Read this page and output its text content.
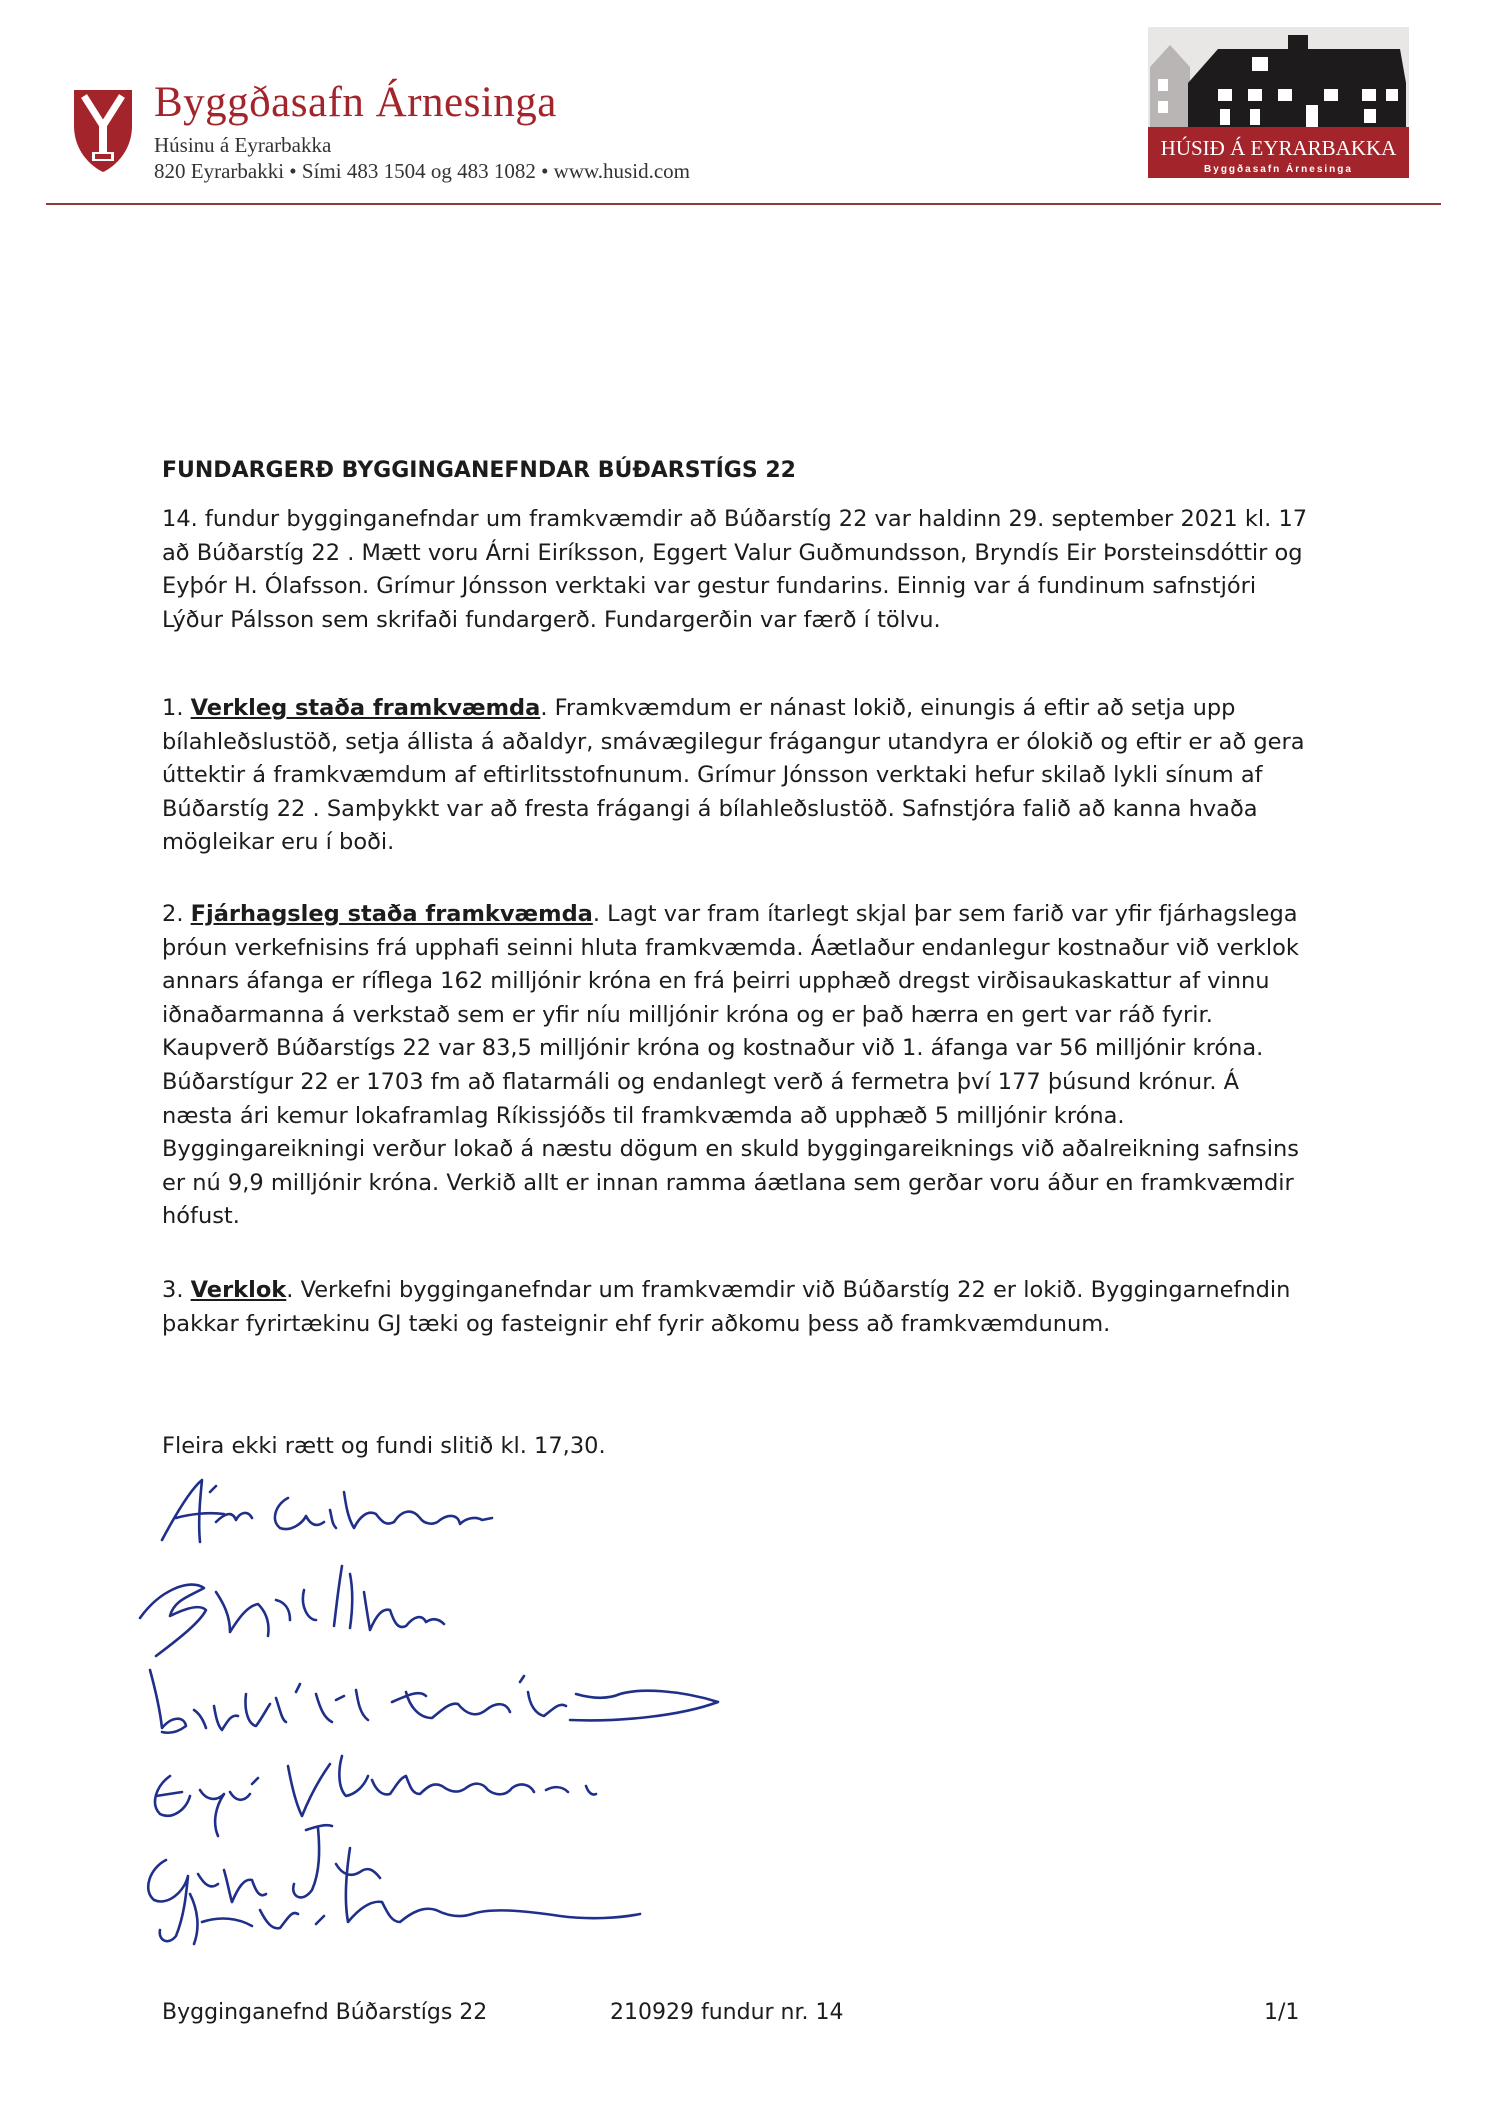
Byggðasafn Árnesinga
Húsinu á Eyrarbakka
820 Eyrarbakki • Sími 483 1504 og 483 1082 • www.husid.com
HÚSIÐ Á EYRARBAKKA
Byggðasafn Árnesinga
FUNDARGERÐ BYGGINGANEFNDAR BÚÐARSTÍGS 22
14. fundur bygginganefndar um framkvæmdir að Búðarstíg 22 var haldinn 29. september 2021 kl. 17
að Búðarstíg 22 . Mætt voru Árni Eiríksson, Eggert Valur Guðmundsson, Bryndís Eir Þorsteinsdóttir og
Eyþór H. Ólafsson. Grímur Jónsson verktaki var gestur fundarins. Einnig var á fundinum safnstjóri
Lýður Pálsson sem skrifaði fundargerð. Fundargerðin var færð í tölvu.
1. Verkleg staða framkvæmda. Framkvæmdum er nánast lokið, einungis á eftir að setja upp
bílahleðslustöð, setja állista á aðaldyr, smávægilegur frágangur utandyra er ólokið og eftir er að gera
úttektir á framkvæmdum af eftirlitsstofnunum. Grímur Jónsson verktaki hefur skilað lykli sínum af
Búðarstíg 22 . Samþykkt var að fresta frágangi á bílahleðslustöð. Safnstjóra falið að kanna hvaða
mögleikar eru í boði.
2. Fjárhagsleg staða framkvæmda. Lagt var fram ítarlegt skjal þar sem farið var yfir fjárhagslega
þróun verkefnisins frá upphafi seinni hluta framkvæmda. Áætlaður endanlegur kostnaður við verklok
annars áfanga er ríflega 162 milljónir króna en frá þeirri upphæð dregst virðisaukaskattur af vinnu
iðnaðarmanna á verkstað sem er yfir níu milljónir króna og er það hærra en gert var ráð fyrir.
Kaupverð Búðarstígs 22 var 83,5 milljónir króna og kostnaður við 1. áfanga var 56 milljónir króna.
Búðarstígur 22 er 1703 fm að flatarmáli og endanlegt verð á fermetra því 177 þúsund krónur. Á
næsta ári kemur lokaframlag Ríkissjóðs til framkvæmda að upphæð 5 milljónir króna.
Byggingareikningi verður lokað á næstu dögum en skuld byggingareiknings við aðalreikning safnsins
er nú 9,9 milljónir króna. Verkið allt er innan ramma áætlana sem gerðar voru áður en framkvæmdir
hófust.
3. Verklok. Verkefni bygginganefndar um framkvæmdir við Búðarstíg 22 er lokið. Byggingarnefndin
þakkar fyrirtækinu GJ tæki og fasteignir ehf fyrir aðkomu þess að framkvæmdunum.
Fleira ekki rætt og fundi slitið kl. 17,30.
Bygginganefnd Búðarstígs 22	210929 fundur nr. 14	1/1
